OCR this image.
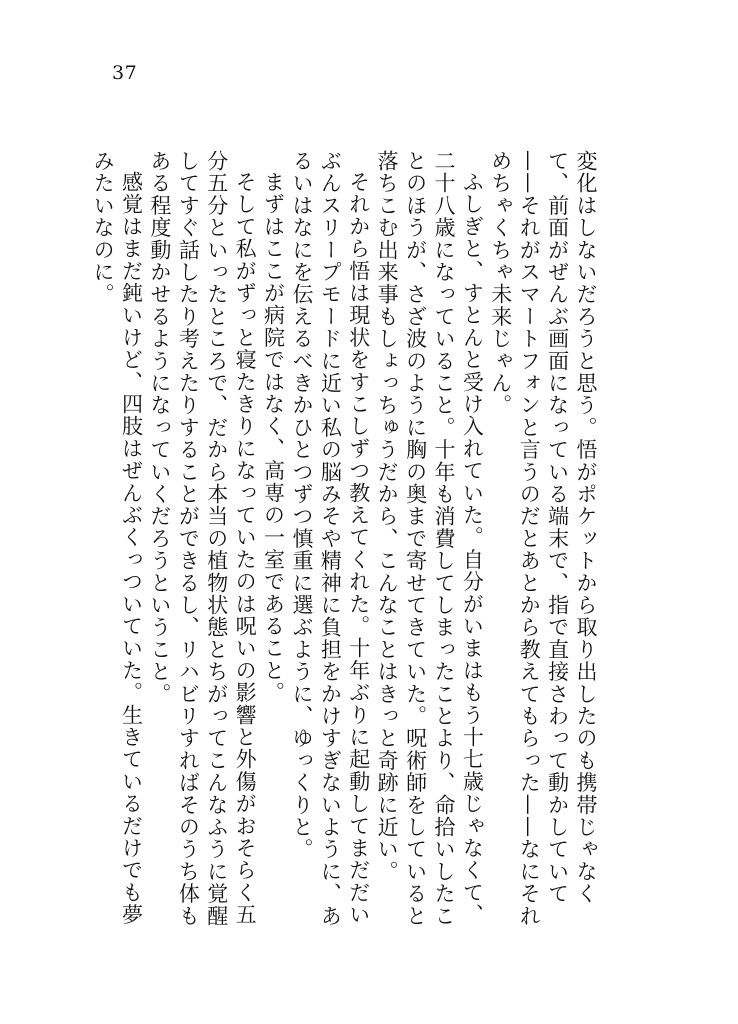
37

変化はしないだろうと思う。悟がポケットから取り出したのも携帯じゃなくて、前面がぜんぶ画面になっている端末で、指で直接さわって動かしていて——それがスマートフォンと言うのだとあとから教えてもらった——なにそれめちゃくちゃ未来じゃん。

ふしぎと、すとんと受け入れていた。自分がいまはもう十七歳じゃなくて、二十八歳になっていること。十年も消費してしまったことより、命拾いしたことのほうが、さざ波のように胸の奥まで寄せてきていた。呪術師をしていると落ちこむ出来事もしょっちゅうだから、こんなことはきっと奇跡に近い。

それから悟は現状をすこしずつ教えてくれた。十年ぶりに起動してまだだいぶんスリープモードに近い私の脳みそや精神に負担をかけすぎないように、あるいはなにを伝えるべきかひとつずつ慎重に選ぶように、ゆっくりと。

まずはここが病院ではなく、高専の一室であること。

そして私がずっと寝たきりになっていたのは呪いの影響と外傷がおそらく五分五分といったところで、だから本当の植物状態とちがってこんなふうに覚醒してすぐ話したり考えたりすることができるし、リハビリすればそのうち体もある程度動かせるようになっていくだろうということ。

感覚はまだ鈍いけど、四肢はぜんぶくっついていた。生きているだけでも夢みたいなのに。
